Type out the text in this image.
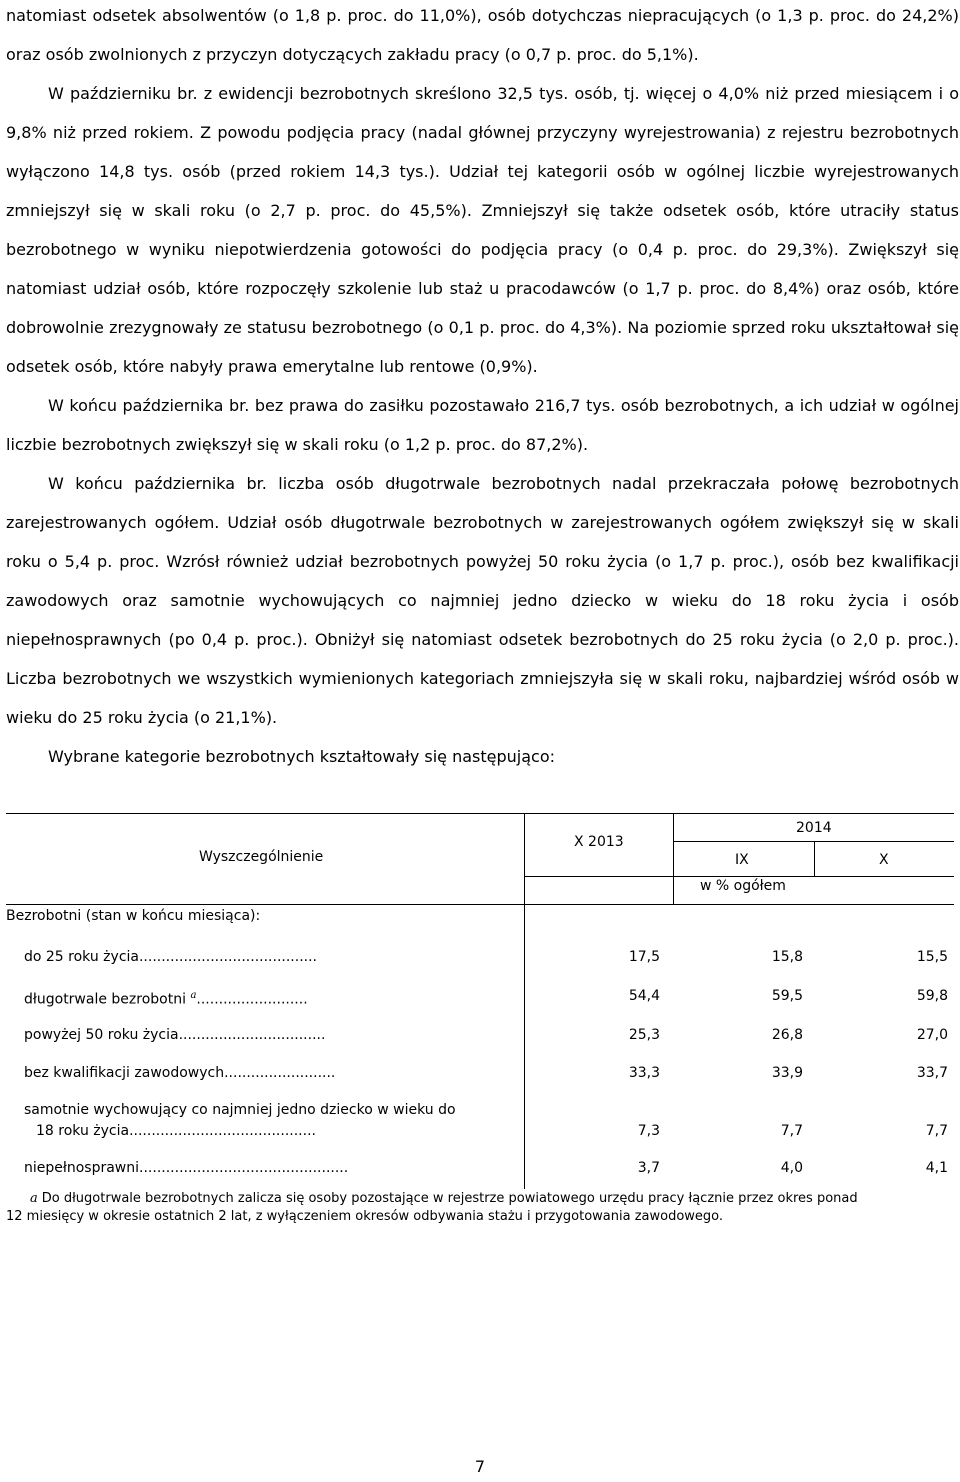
natomiast odsetek absolwentów (o 1,8 p. proc. do 11,0%), osób dotychczas niepracujących (o 1,3 p. proc. do 24,2%) oraz osób zwolnionych z przyczyn dotyczących zakładu pracy (o 0,7 p. proc. do 5,1%).

W październiku br. z ewidencji bezrobotnych skreślono 32,5 tys. osób, tj. więcej o 4,0% niż przed miesiącem i o 9,8% niż przed rokiem. Z powodu podjęcia pracy (nadal głównej przyczyny wyrejestrowania) z rejestru bezrobotnych wyłączono 14,8 tys. osób (przed rokiem 14,3 tys.). Udział tej kategorii osób w ogólnej liczbie wyrejestrowanych zmniejszył się w skali roku (o 2,7 p. proc. do 45,5%). Zmniejszył się także odsetek osób, które utraciły status bezrobotnego w wyniku niepotwierdzenia gotowości do podjęcia pracy (o 0,4 p. proc. do 29,3%). Zwiększył się natomiast udział osób, które rozpoczęły szkolenie lub staż u pracodawców (o 1,7 p. proc. do 8,4%) oraz osób, które dobrowolnie zrezygnowały ze statusu bezrobotnego (o 0,1 p. proc. do 4,3%). Na poziomie sprzed roku ukształtował się odsetek osób, które nabyły prawa emerytalne lub rentowe (0,9%).

W końcu października br. bez prawa do zasiłku pozostawało 216,7 tys. osób bezrobotnych, a ich udział w ogólnej liczbie bezrobotnych zwiększył się w skali roku (o 1,2 p. proc. do 87,2%).

W końcu października br. liczba osób długotrwale bezrobotnych nadal przekraczała połowę bezrobotnych zarejestrowanych ogółem. Udział osób długotrwale bezrobotnych w zarejestrowanych ogółem zwiększył się w skali roku o 5,4 p. proc. Wzrósł również udział bezrobotnych powyżej 50 roku życia (o 1,7 p. proc.), osób bez kwalifikacji zawodowych oraz samotnie wychowujących co najmniej jedno dziecko w wieku do 18 roku życia i osób niepełnosprawnych (po 0,4 p. proc.). Obniżył się natomiast odsetek bezrobotnych do 25 roku życia (o 2,0 p. proc.). Liczba bezrobotnych we wszystkich wymienionych kategoriach zmniejszyła się w skali roku, najbardziej wśród osób w wieku do 25 roku życia (o 21,1%).

Wybrane kategorie bezrobotnych kształtowały się następująco:

Wyszczególnienie
X 2013
2014
IX	X
w % ogółem
Bezrobotni (stan w końcu miesiąca):
do 25 roku życia........................................	17,5	15,8	15,5
długotrwale bezrobotni $^a$.........................	54,4	59,5	59,8
powyżej 50 roku życia.................................	25,3	26,8	27,0
bez kwalifikacji zawodowych.........................	33,3	33,9	33,7
samotnie wychowujący co najmniej jedno dziecko w wieku do
18 roku życia..........................................	7,3	7,7	7,7
niepełnosprawni...............................................	3,7	4,0	4,1
a Do długotrwale bezrobotnych zalicza się osoby pozostające w rejestrze powiatowego urzędu pracy łącznie przez okres ponad
12 miesięcy w okresie ostatnich 2 lat, z wyłączeniem okresów odbywania stażu i przygotowania zawodowego.
7
